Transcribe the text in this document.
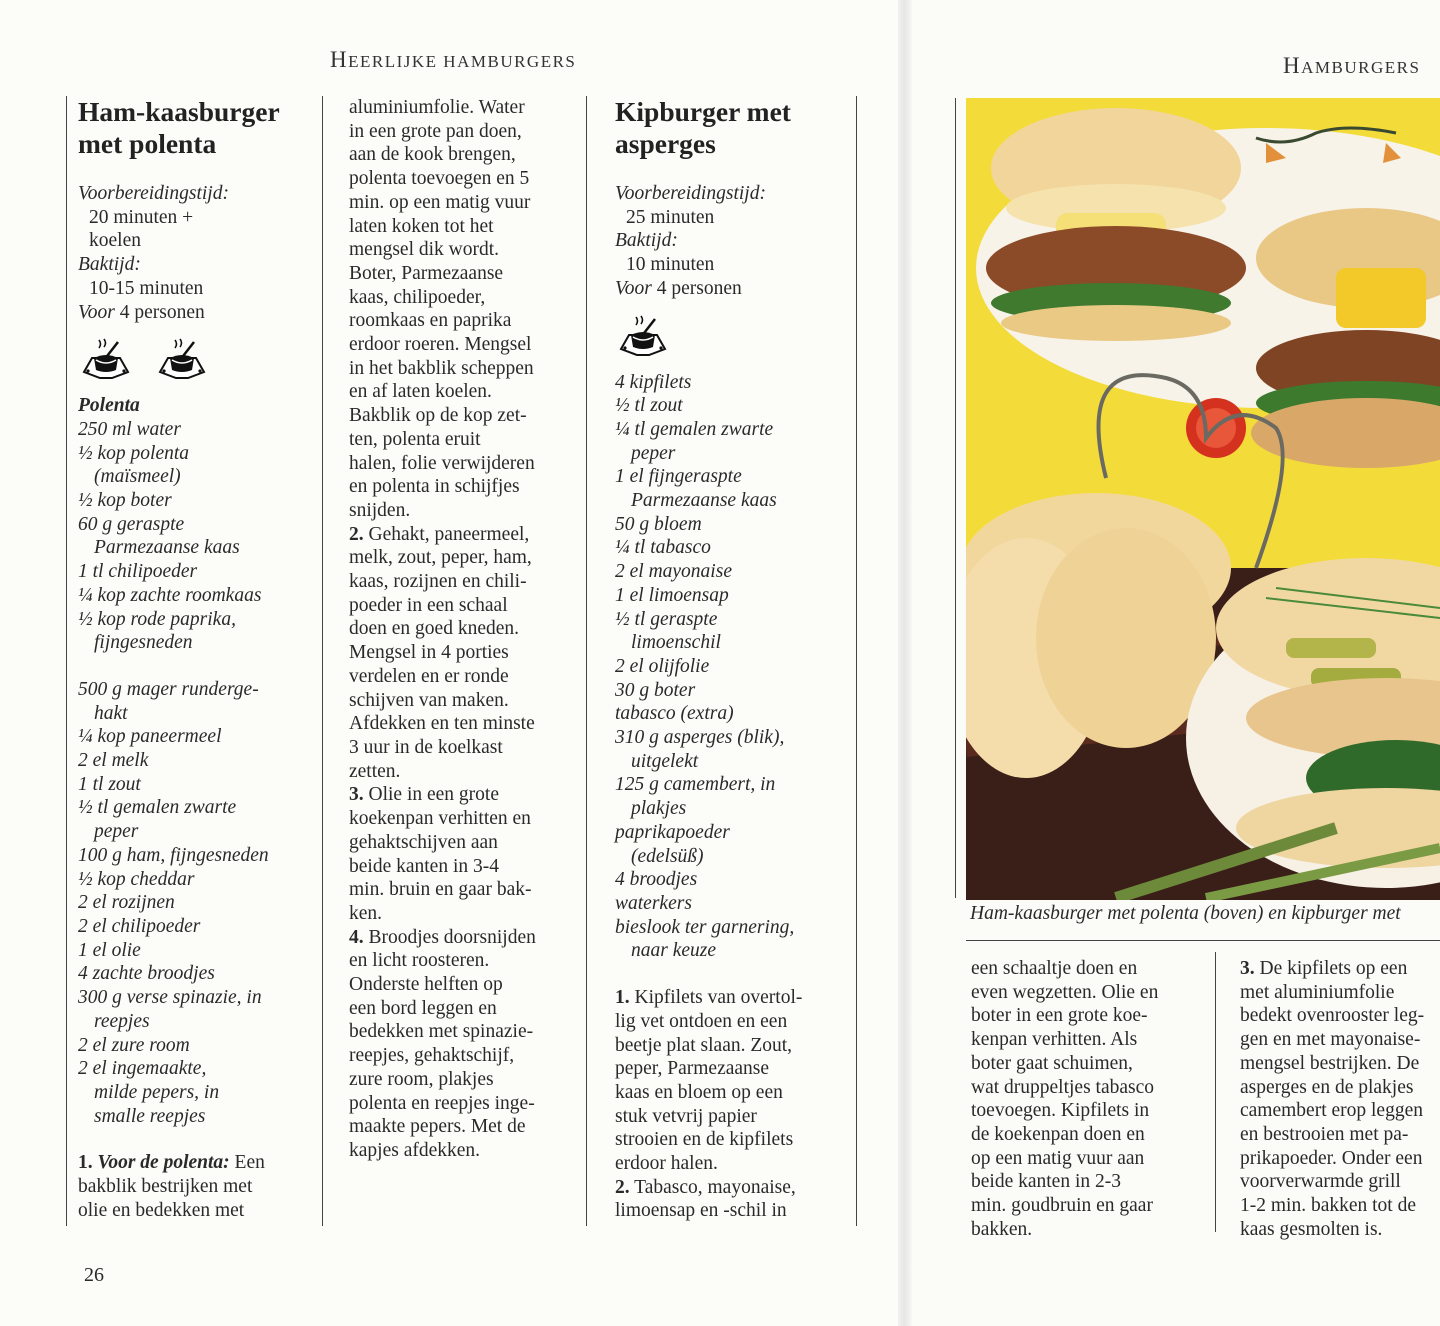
HEERLIJKE HAMBURGERS	HAMBURGERS
Ham-kaasburger
met polenta

Voorbereidingstijd:

20 minuten +

koelen

Baktijd:

10-15 minuten

Voor 4 personen

Polenta

250 ml water
½ kop polenta
(maïsmeel)
½ kop boter
60 g geraspte
Parmezaanse kaas
1 tl chilipoeder
¼ kop zachte roomkaas
½ kop rode paprika,
fijngesneden
500 g mager runderge-
hakt
¼ kop paneermeel
2 el melk
1 tl zout
½ tl gemalen zwarte
peper
100 g ham, fijngesneden
½ kop cheddar
2 el rozijnen
2 el chilipoeder
1 el olie
4 zachte broodjes
300 g verse spinazie, in
reepjes
2 el zure room
2 el ingemaakte,
milde pepers, in
smalle reepjes

1. Voor de polenta: Een
bakblik bestrijken met
olie en bedekken met

aluminiumfolie. Water
in een grote pan doen,
aan de kook brengen,
polenta toevoegen en 5
min. op een matig vuur
laten koken tot het
mengsel dik wordt.
Boter, Parmezaanse
kaas, chilipoeder,
roomkaas en paprika
erdoor roeren. Mengsel
in het bakblik scheppen
en af laten koelen.
Bakblik op de kop zet-
ten, polenta eruit
halen, folie verwijderen
en polenta in schijfjes
snijden.
2. Gehakt, paneermeel,
melk, zout, peper, ham,
kaas, rozijnen en chili-
poeder in een schaal
doen en goed kneden.
Mengsel in 4 porties
verdelen en er ronde
schijven van maken.
Afdekken en ten minste
3 uur in de koelkast
zetten.
3. Olie in een grote
koekenpan verhitten en
gehaktschijven aan
beide kanten in 3-4
min. bruin en gaar bak-
ken.
4. Broodjes doorsnijden
en licht roosteren.
Onderste helften op
een bord leggen en
bedekken met spinazie-
reepjes, gehaktschijf,
zure room, plakjes
polenta en reepjes inge-
maakte pepers. Met de
kapjes afdekken.
Kipburger met
asperges

Voorbereidingstijd:

25 minuten

Baktijd:

10 minuten

Voor 4 personen

4 kipfilets
½ tl zout
¼ tl gemalen zwarte
peper
1 el fijngeraspte
Parmezaanse kaas
50 g bloem
¼ tl tabasco
2 el mayonaise
1 el limoensap
½ tl geraspte
limoenschil
2 el olijfolie
30 g boter
tabasco (extra)
310 g asperges (blik),
uitgelekt
125 g camembert, in
plakjes
paprikapoeder
(edelsüß)
4 broodjes
waterkers
bieslook ter garnering,
naar keuze
1. Kipfilets van overtol-
lig vet ontdoen en een
beetje plat slaan. Zout,
peper, Parmezaanse
kaas en bloem op een
stuk vetvrij papier
strooien en de kipfilets
erdoor halen.
2. Tabasco, mayonaise,
limoensap en -schil in
Ham-kaasburger met polenta (boven) en kipburger met
een schaaltje doen en
even wegzetten. Olie en
boter in een grote koe-
kenpan verhitten. Als
boter gaat schuimen,
wat druppeltjes tabasco
toevoegen. Kipfilets in
de koekenpan doen en
op een matig vuur aan
beide kanten in 2-3
min. goudbruin en gaar
bakken.
3. De kipfilets op een
met aluminiumfolie
bedekt ovenrooster leg-
gen en met mayonaise-
mengsel bestrijken. De
asperges en de plakjes
camembert erop leggen
en bestrooien met pa-
prikapoeder. Onder een
voorverwarmde grill
1-2 min. bakken tot de
kaas gesmolten is.
26
